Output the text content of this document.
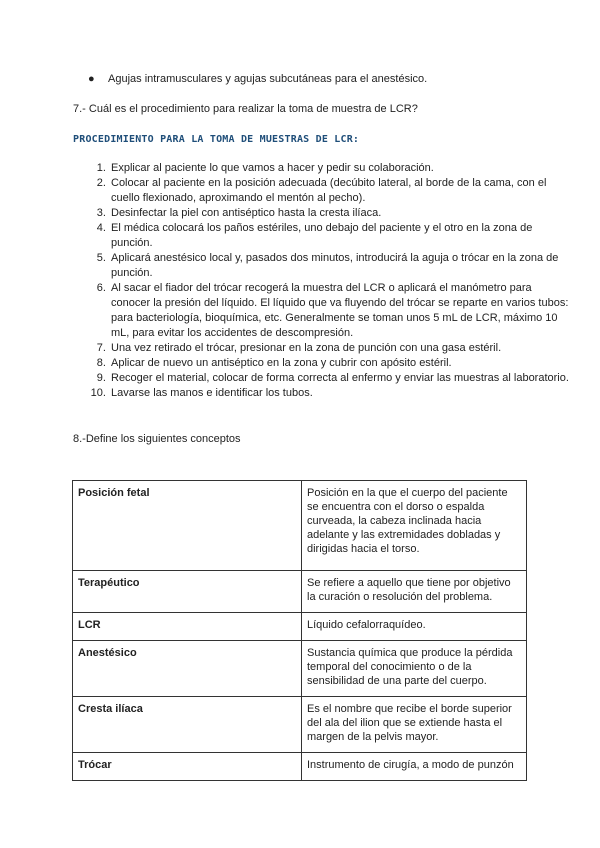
● Agujas intramusculares y agujas subcutáneas para el anestésico.
7.- Cuál es el procedimiento para realizar la toma de muestra de LCR?
PROCEDIMIENTO PARA LA TOMA DE MUESTRAS DE LCR:
1. Explicar al paciente lo que vamos a hacer y pedir su colaboración.
2. Colocar al paciente en la posición adecuada (decúbito lateral, al borde de la cama, con el cuello flexionado, aproximando el mentón al pecho).
3. Desinfectar la piel con antiséptico hasta la cresta ilíaca.
4. El médica colocará los paños estériles, uno debajo del paciente y el otro en la zona de punción.
5. Aplicará anestésico local y, pasados dos minutos, introducirá la aguja o trócar en la zona de punción.
6. Al sacar el fiador del trócar recogerá la muestra del LCR o aplicará el manómetro para conocer la presión del líquido. El líquido que va fluyendo del trócar se reparte en varios tubos: para bacteriología, bioquímica, etc. Generalmente se toman unos 5 mL de LCR, máximo 10 mL, para evitar los accidentes de descompresión.
7. Una vez retirado el trócar, presionar en la zona de punción con una gasa estéril.
8. Aplicar de nuevo un antiséptico en la zona y cubrir con apósito estéril.
9. Recoger el material, colocar de forma correcta al enfermo y enviar las muestras al laboratorio.
10. Lavarse las manos e identificar los tubos.
8.-Define los siguientes conceptos
Posición fetal	Posición en la que el cuerpo del paciente se encuentra con el dorso o espalda curveada, la cabeza inclinada hacia adelante y las extremidades dobladas y dirigidas hacia el torso.
Terapéutico	Se refiere a aquello que tiene por objetivo la curación o resolución del problema.
LCR	Líquido cefalorraquídeo.
Anestésico	Sustancia química que produce la pérdida temporal del conocimiento o de la sensibilidad de una parte del cuerpo.
Cresta ilíaca	Es el nombre que recibe el borde superior del ala del ilion que se extiende hasta el margen de la pelvis mayor.
Trócar	Instrumento de cirugía, a modo de punzón
